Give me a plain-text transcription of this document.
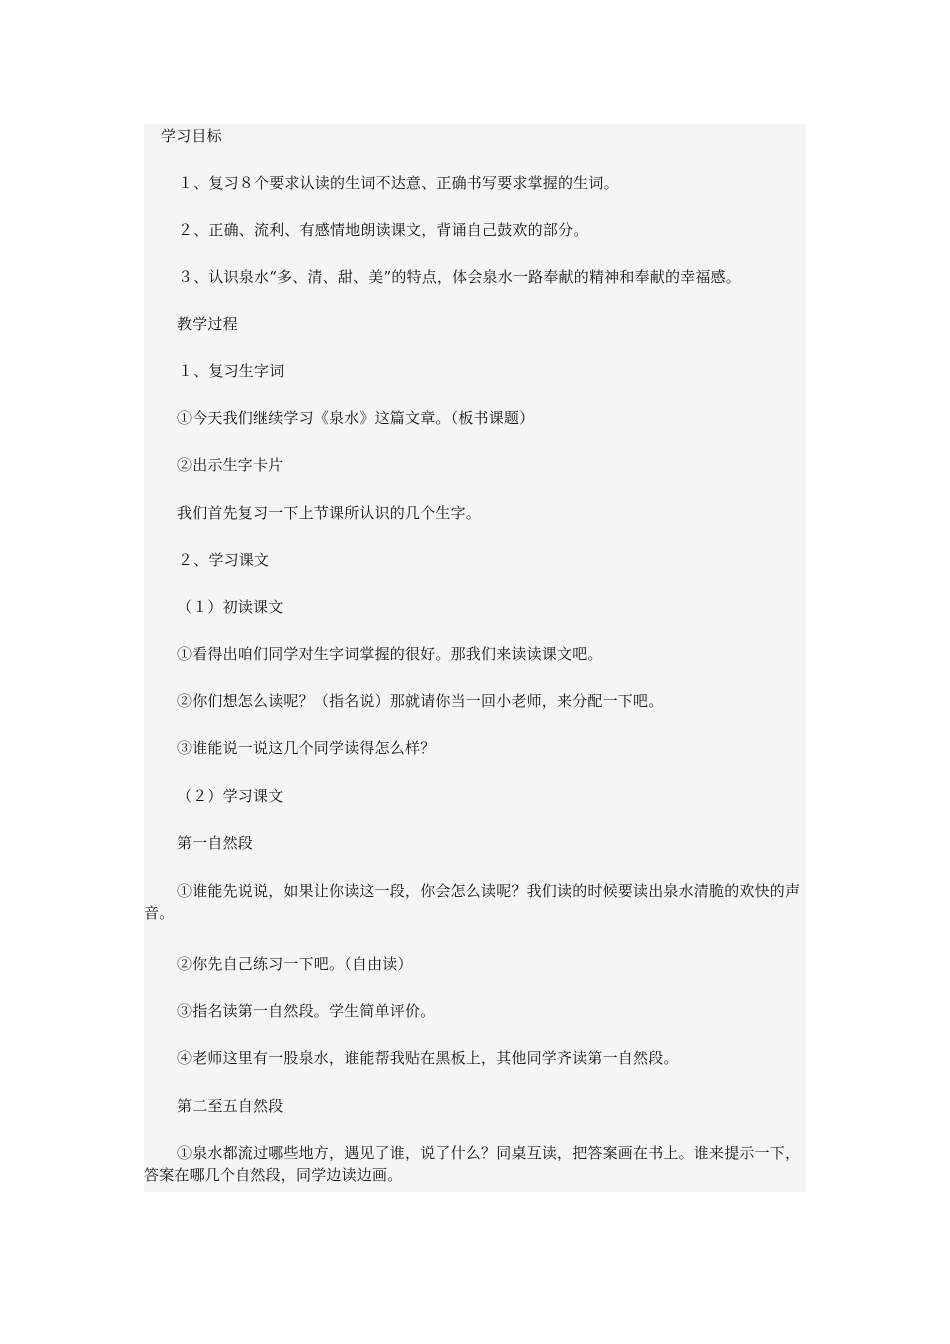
学习目标
１、复习８个要求认读的生词不达意、正确书写要求掌握的生词。
２、正确、流利、有感情地朗读课文，背诵自己鼓欢的部分。
３、认识泉水“多、清、甜、美”的特点，体会泉水一路奉献的精神和奉献的幸福感。
教学过程
１、复习生字词
①今天我们继续学习《泉水》这篇文章。（板书课题）
②出示生字卡片
我们首先复习一下上节课所认识的几个生字。
２、学习课文
（１）初读课文
①看得出咱们同学对生字词掌握的很好。那我们来读读课文吧。
②你们想怎么读呢？（指名说）那就请你当一回小老师，来分配一下吧。
③谁能说一说这几个同学读得怎么样？
（２）学习课文
第一自然段
①谁能先说说，如果让你读这一段，你会怎么读呢？我们读的时候要读出泉水清脆的欢快的声音。
②你先自己练习一下吧。（自由读）
③指名读第一自然段。学生简单评价。
④老师这里有一股泉水，谁能帮我贴在黑板上，其他同学齐读第一自然段。
第二至五自然段
①泉水都流过哪些地方，遇见了谁，说了什么？同桌互读，把答案画在书上。谁来提示一下，答案在哪几个自然段，同学边读边画。
